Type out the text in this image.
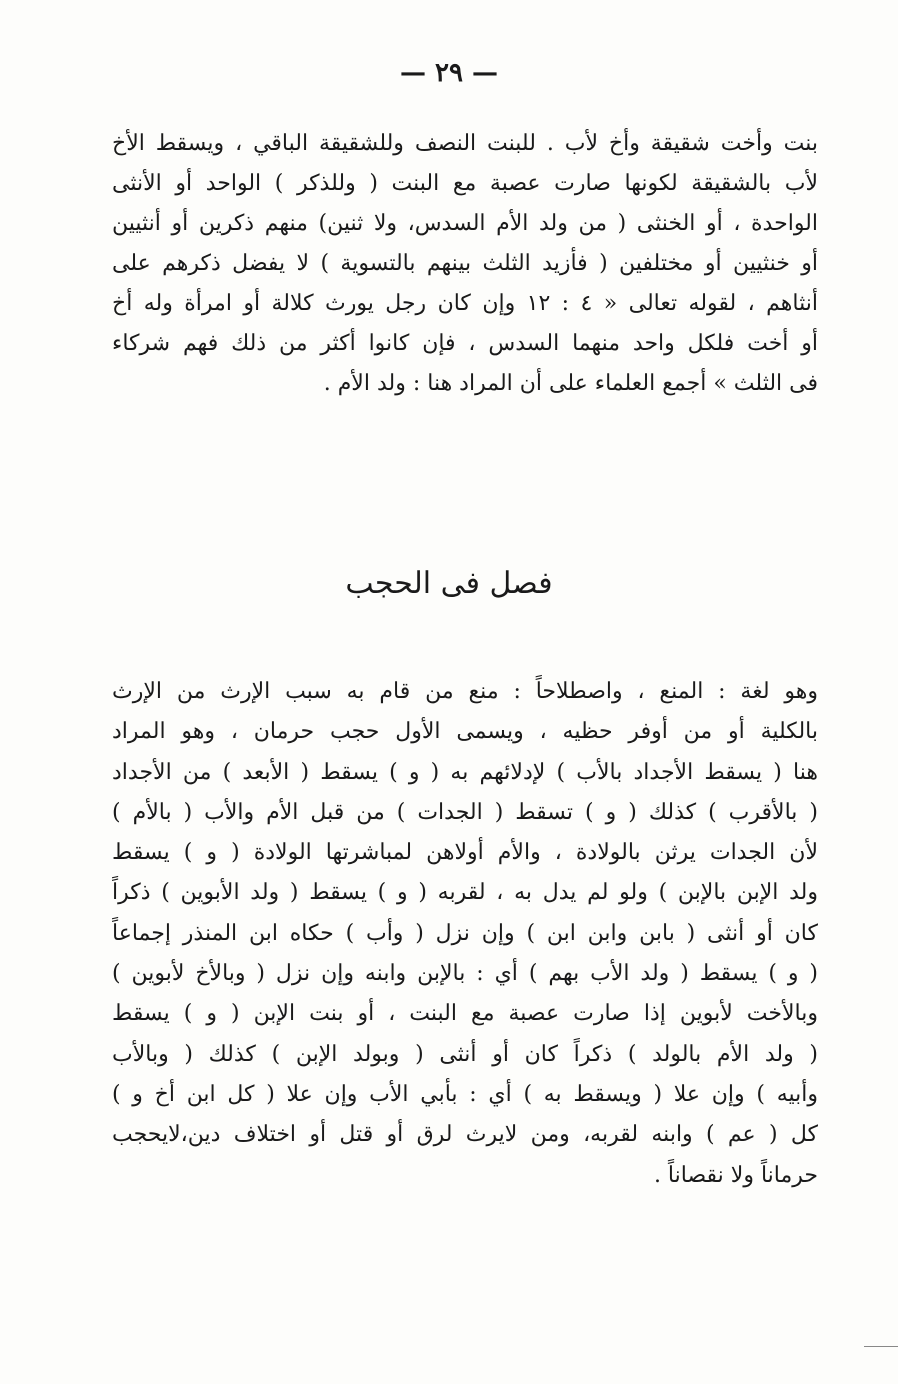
— ٢٩ —
بنت وأخت شقيقة وأخ لأب . للبنت النصف وللشقيقة الباقي ، ويسقط الأخ
لأب بالشقيقة لكونها صارت عصبة مع البنت ( وللذكر ) الواحد أو الأنثى
الواحدة ، أو الخنثى ( من ولد الأم السدس، ولا ثنين) منهم ذكرين أو أنثيين
أو خنثيين أو مختلفين ( فأزيد الثلث بينهم بالتسوية ) لا يفضل ذكرهم على
أنثاهم ، لقوله تعالى « ٤ : ١٢ وإن كان رجل يورث كلالة أو امرأة وله أخ
أو أخت فلكل واحد منهما السدس ، فإن كانوا أكثر من ذلك فهم شركاء
فى الثلث » أجمع العلماء على أن المراد هنا : ولد الأم .
فصل فى الحجب
وهو لغة : المنع ، واصطلاحاً : منع من قام به سبب الإرث من الإرث
بالكلية أو من أوفر حظيه ، ويسمى الأول حجب حرمان ، وهو المراد
هنا ( يسقط الأجداد بالأب ) لإدلائهم به ( و ) يسقط ( الأبعد ) من الأجداد
( بالأقرب ) كذلك ( و ) تسقط ( الجدات ) من قبل الأم والأب ( بالأم )
لأن الجدات يرثن بالولادة ، والأم أولاهن لمباشرتها الولادة ( و ) يسقط
ولد الإبن بالإبن ) ولو لم يدل به ، لقربه ( و ) يسقط ( ولد الأبوين ) ذكراً
كان أو أنثى ( بابن وابن ابن ) وإن نزل ( وأب ) حكاه ابن المنذر إجماعاً
( و ) يسقط ( ولد الأب بهم ) أي : بالإبن وابنه وإن نزل ( وبالأخ لأبوين )
وبالأخت لأبوين إذا صارت عصبة مع البنت ، أو بنت الإبن ( و ) يسقط
( ولد الأم بالولد ) ذكراً كان أو أنثى ( وبولد الإبن ) كذلك ( وبالأب
وأبيه ) وإن علا ( ويسقط به ) أي : بأبي الأب وإن علا ( كل ابن أخ و )
كل ( عم ) وابنه لقربه، ومن لايرث لرق أو قتل أو اختلاف دين،لايحجب
حرماناً ولا نقصاناً .
